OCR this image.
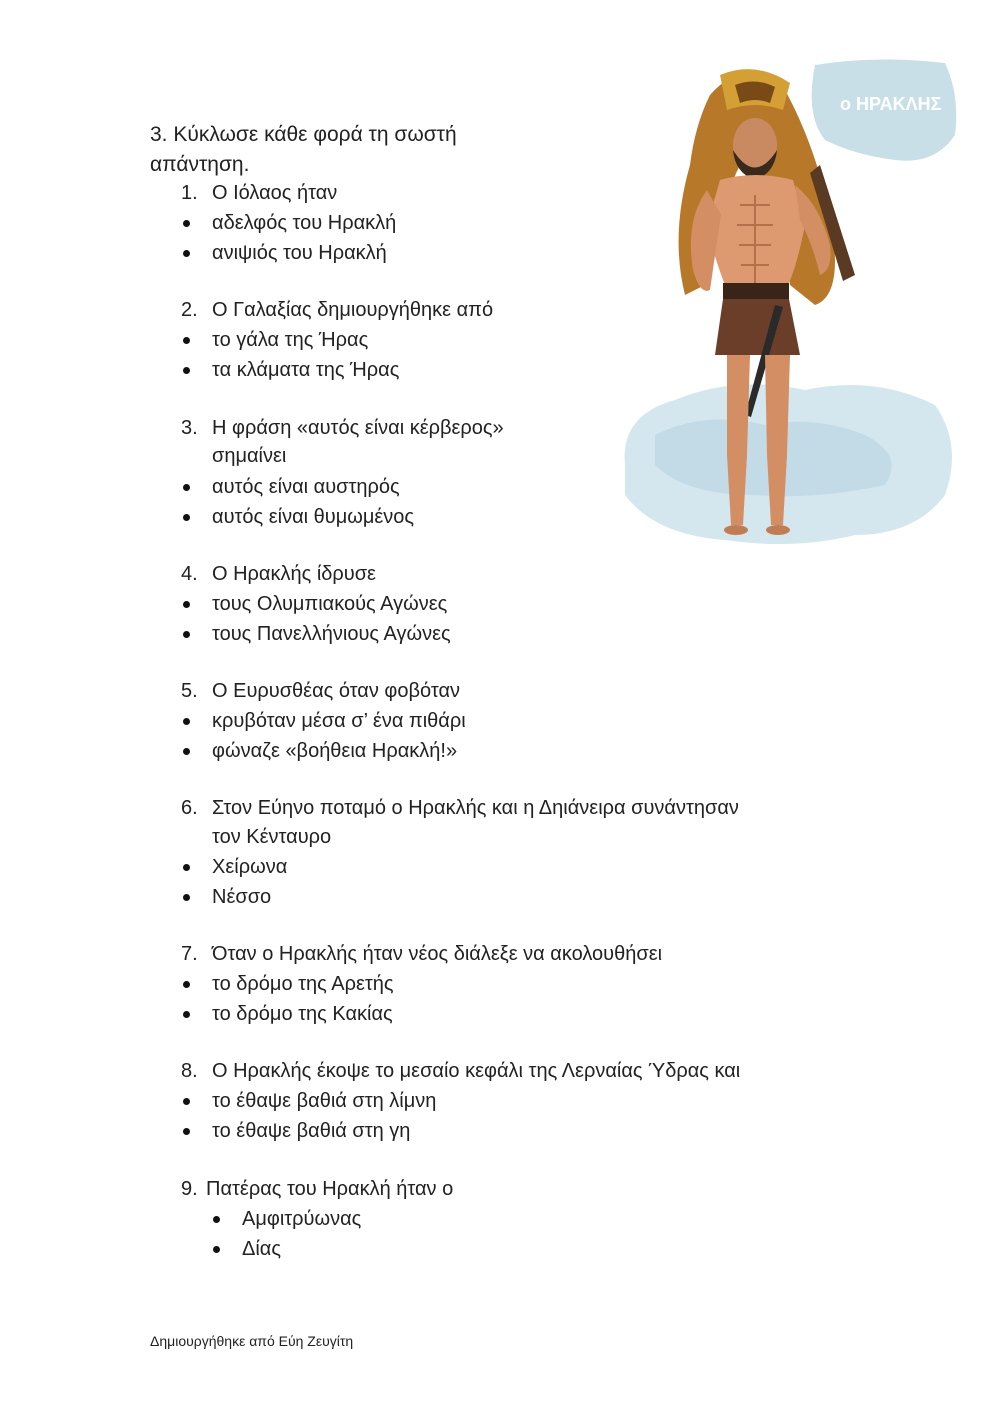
ο ΗΡΑΚΛΗΣ
3. Κύκλωσε κάθε φορά τη σωστή απάντηση.
1. Ο Ιόλαος ήταν
αδελφός του Ηρακλή
ανιψιός του Ηρακλή
2. Ο Γαλαξίας δημιουργήθηκε από
το γάλα της Ήρας
τα κλάματα της Ήρας
3. Η φράση «αυτός είναι κέρβερος»
σημαίνει
αυτός είναι αυστηρός
αυτός είναι θυμωμένος
4. Ο Ηρακλής ίδρυσε
τους Ολυμπιακούς Αγώνες
τους Πανελλήνιους Αγώνες
5. Ο Ευρυσθέας όταν φοβόταν
κρυβόταν μέσα σ’ ένα πιθάρι
φώναζε «βοήθεια Ηρακλή!»
6. Στον Εύηνο ποταμό ο Ηρακλής και η Δηιάνειρα συνάντησαν
τον Κένταυρο
Χείρωνα
Νέσσο
7. Όταν ο Ηρακλής ήταν νέος διάλεξε να ακολουθήσει
το δρόμο της Αρετής
το δρόμο της Κακίας
8. Ο Ηρακλής έκοψε το μεσαίο κεφάλι της Λερναίας Ύδρας και
το έθαψε βαθιά στη λίμνη
το έθαψε βαθιά στη γη
9. Πατέρας του Ηρακλή ήταν ο
Αμφιτρύωνας
Δίας
Δημιουργήθηκε από Εύη Ζευγίτη
